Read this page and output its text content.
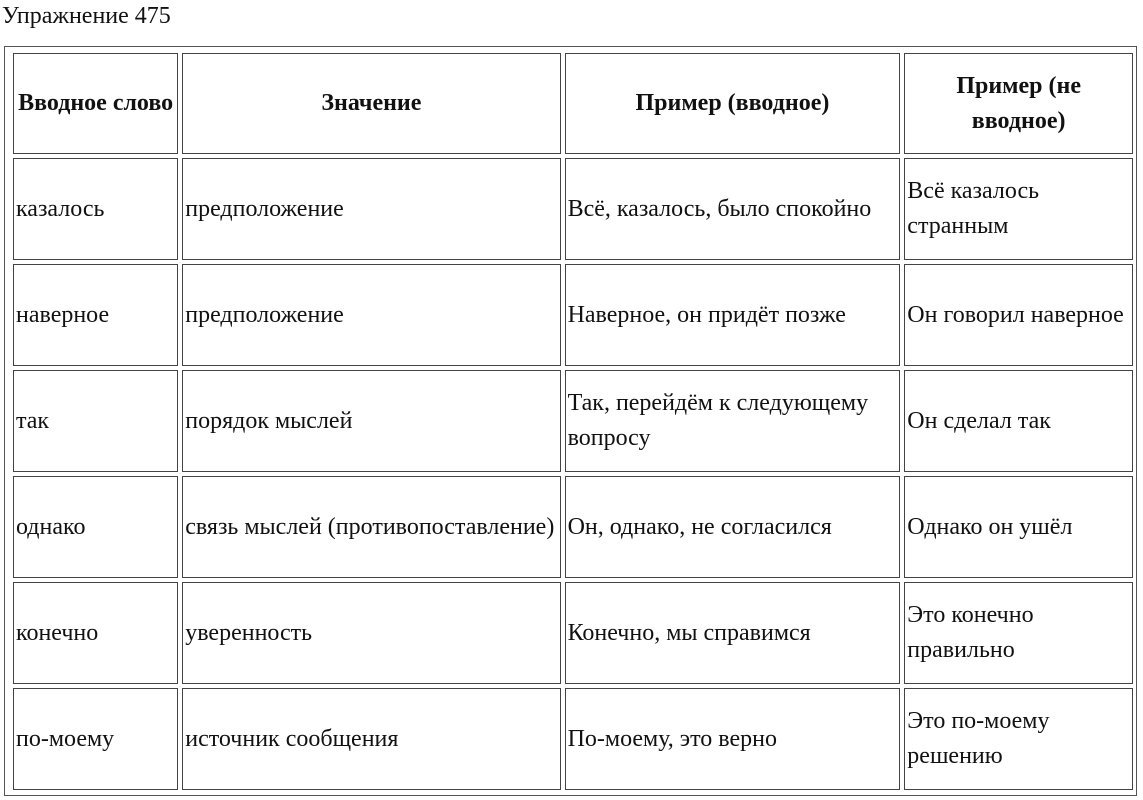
Упражнение 475
Вводное слово	Значение	Пример (вводное)	Пример (не вводное)
казалось	предположение	Всё, казалось, было спокойно	Всё казалось странным
наверное	предположение	Наверное, он придёт позже	Он говорил наверное
так	порядок мыслей	Так, перейдём к следующему вопросу	Он сделал так
однако	связь мыслей (противопоставление)	Он, однако, не согласился	Однако он ушёл
конечно	уверенность	Конечно, мы справимся	Это конечно правильно
по-моему	источник сообщения	По-моему, это верно	Это по-моему решению
